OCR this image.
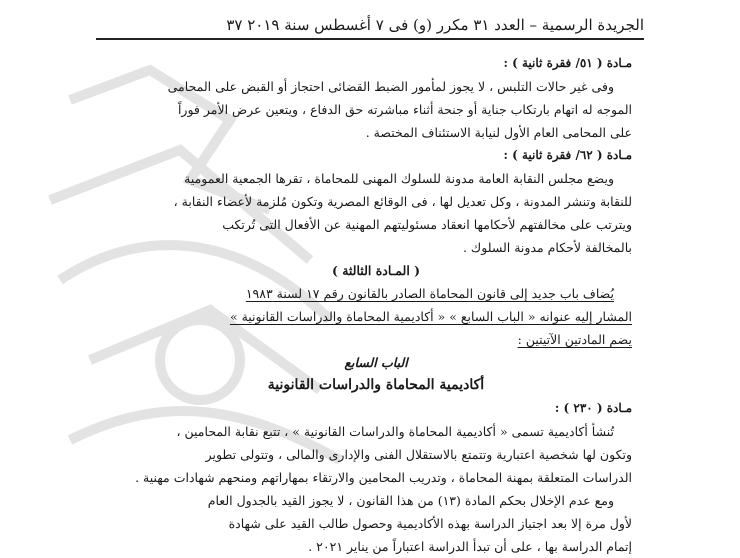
الجريدة الرسمية – العدد ٣١ مكرر (و) فى ٧ أغسطس سنة ٢٠١٩ ٣٧
مـادة ( ٥١/ فقرة ثانية ) :
وفى غير حالات التلبس ، لا يجوز لمأمور الضبط القضائى احتجاز أو القبض على المحامى
الموجه له اتهام بارتكاب جناية أو جنحة أثناء مباشرته حق الدفاع ، ويتعين عرض الأمر فوراً
على المحامى العام الأول لنيابة الاستئناف المختصة .
مـادة ( ٦٢/ فقرة ثانية ) :
ويضع مجلس النقابة العامة مدونة للسلوك المهنى للمحاماة ، تقرها الجمعية العمومية
للنقابة وتنشر المدونة ، وكل تعديل لها ، فى الوقائع المصرية وتكون مُلزمة لأعضاء النقابة ،
ويترتب على مخالفتهم لأحكامها انعقاد مسئوليتهم المهنية عن الأفعال التى تُرتكب
بالمخالفة لأحكام مدونة السلوك .
( المـادة الثالثة )
يُضاف باب جديد إلى قانون المحاماة الصادر بالقانون رقم ١٧ لسنة ١٩٨٣
المشار إليه عنوانه « الباب السابع » « أكاديمية المحاماة والدراسات القانونية »
يضم المادتين الآتيتين :
الباب السابع
أكاديمية المحاماة والدراسات القانونية
مـادة ( ٢٣٠ ) :
تُنشأ أكاديمية تسمى « أكاديمية المحاماة والدراسات القانونية » ، تتبع نقابة المحامين ،
وتكون لها شخصية اعتبارية وتتمتع بالاستقلال الفنى والإدارى والمالى ، وتتولى تطوير
الدراسات المتعلقة بمهنة المحاماة ، وتدريب المحامين والارتقاء بمهاراتهم ومنحهم شهادات مهنية .
ومع عدم الإخلال بحكم المادة (١٣) من هذا القانون ، لا يجوز القيد بالجدول العام
لأول مرة إلا بعد اجتياز الدراسة بهذه الأكاديمية وحصول طالب القيد على شهادة
إتمام الدراسة بها ، على أن تبدأ الدراسة اعتباراً من يناير ٢٠٢١ .
